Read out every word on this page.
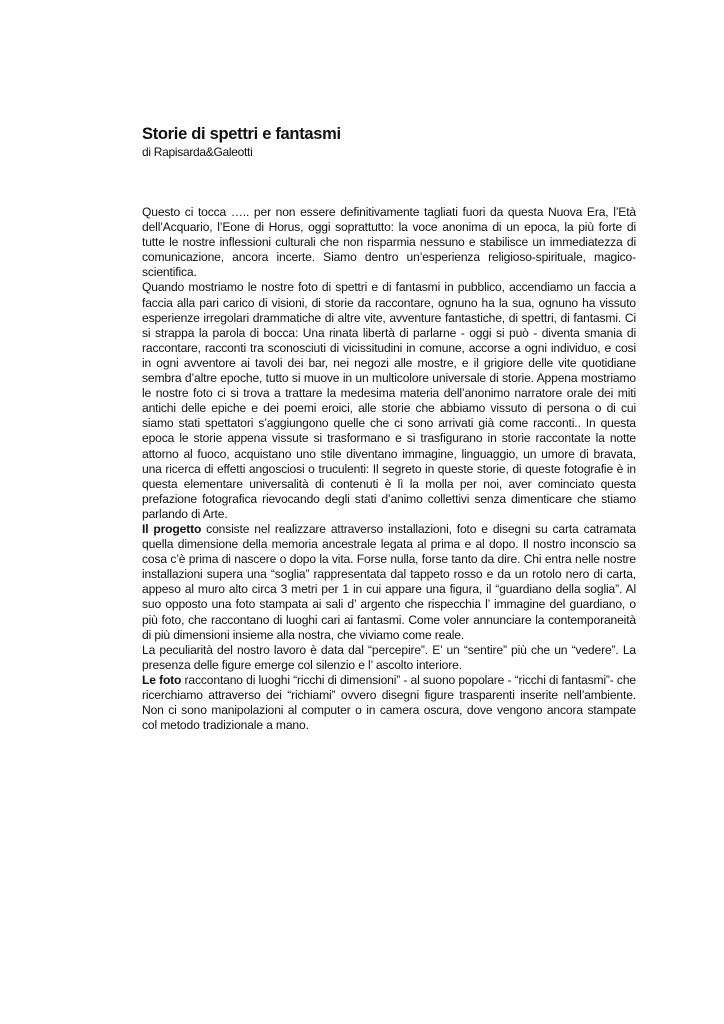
Storie di spettri e fantasmi
di Rapisarda&Galeotti

Questo ci tocca ….. per non essere definitivamente tagliati fuori da questa Nuova Era, l’Età dell’Acquario, l’Eone di Horus, oggi soprattutto: la voce anonima di un epoca, la più forte di tutte le nostre inflessioni culturali che non risparmia nessuno e stabilisce un immediatezza di comunicazione, ancora incerte. Siamo dentro un’esperienza religioso-spirituale, magico-scientifica.

Quando mostriamo le nostre foto di spettri e di fantasmi in pubblico, accendiamo un faccia a faccia alla pari carico di visioni, di storie da raccontare, ognuno ha la sua, ognuno ha vissuto esperienze irregolari drammatiche di altre vite, avventure fantastiche, di spettri, di fantasmi. Ci si strappa la parola di bocca: Una rinata libertà di parlarne - oggi si può - diventa smania di raccontare, racconti tra sconosciuti di vicissitudini in comune, accorse a ogni individuo, e cosi in ogni avventore ai tavoli dei bar, nei negozi alle mostre, e il grigiore delle vite quotidiane sembra d’altre epoche, tutto si muove in un multicolore universale di storie. Appena mostriamo le nostre foto ci si trova a trattare la medesima materia dell’anonimo narratore orale dei miti antichi delle epiche e dei poemi eroici, alle storie che abbiamo vissuto di persona o di cui siamo stati spettatori s’aggiungono quelle che ci sono arrivati già come racconti.. In questa epoca le storie appena vissute si trasformano e si trasfigurano in storie raccontate la notte attorno al fuoco, acquistano uno stile diventano immagine, linguaggio, un umore di bravata, una ricerca di effetti angosciosi o truculenti: Il segreto in queste storie, di queste fotografie è in questa elementare universalità di contenuti è lì la molla per noi, aver cominciato questa prefazione fotografica rievocando degli stati d’animo collettivi senza dimenticare che stiamo parlando di Arte.

Il progetto consiste nel realizzare attraverso installazioni, foto e disegni su carta catramata quella dimensione della memoria ancestrale legata al prima e al dopo. Il nostro inconscio sa cosa c’è prima di nascere o dopo la vita. Forse nulla, forse tanto da dire. Chi entra nelle nostre installazioni supera una “soglia” rappresentata dal tappeto rosso e da un rotolo nero di carta, appeso al muro alto circa 3 metri per 1 in cui appare una figura, il “guardiano della soglia”. Al suo opposto una foto stampata ai sali d’ argento che rispecchia l’ immagine del guardiano, o più foto, che raccontano di luoghi cari ai fantasmi. Come voler annunciare la contemporaneità di più dimensioni insieme alla nostra, che viviamo come reale.

La peculiarità del nostro lavoro è data dal “percepire”. E’ un “sentire” più che un “vedere”. La presenza delle figure emerge col silenzio e l’ ascolto interiore.

Le foto raccontano di luoghi “ricchi di dimensioni” - al suono popolare - “ricchi di fantasmi”- che ricerchiamo attraverso dei “richiami” ovvero disegni figure trasparenti inserite nell’ambiente. Non ci sono manipolazioni al computer o in camera oscura, dove vengono ancora stampate col metodo tradizionale a mano.
